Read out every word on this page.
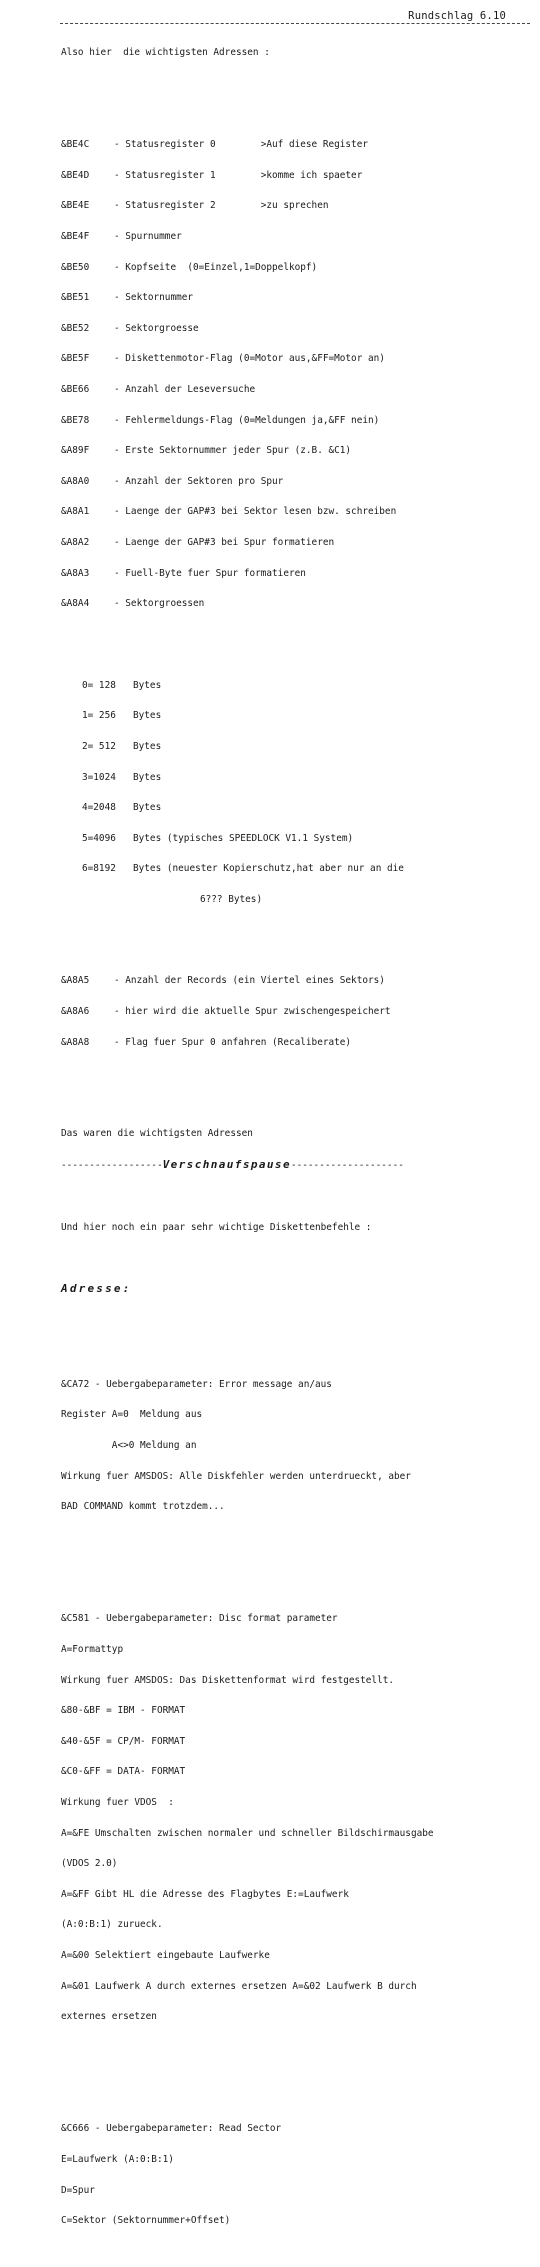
Rundschlag 6.10

Also hier  die wichtigsten Adressen :

&BE4C	- Statusregister 0        >Auf diese Register

&BE4D	- Statusregister 1        >komme ich spaeter

&BE4E	- Statusregister 2        >zu sprechen

&BE4F	- Spurnummer

&BE50	- Kopfseite  (0=Einzel,1=Doppelkopf)

&BE51	- Sektornummer

&BE52	- Sektorgroesse

&BE5F	- Diskettenmotor-Flag (0=Motor aus,&FF=Motor an)

&BE66	- Anzahl der Leseversuche

&BE78	- Fehlermeldungs-Flag (0=Meldungen ja,&FF nein)

&A89F	- Erste Sektornummer jeder Spur (z.B. &C1)

&A8A0	- Anzahl der Sektoren pro Spur

&A8A1	- Laenge der GAP#3 bei Sektor lesen bzw. schreiben

&A8A2	- Laenge der GAP#3 bei Spur formatieren

&A8A3	- Fuell-Byte fuer Spur formatieren

&A8A4	- Sektorgroessen

0= 128 Bytes

1= 256 Bytes

2= 512 Bytes

3=1024 Bytes

4=2048 Bytes

5=4096 Bytes (typisches SPEEDLOCK V1.1 System)

6=8192 Bytes (neuester Kopierschutz,hat aber nur an die

6??? Bytes)

&A8A5	- Anzahl der Records (ein Viertel eines Sektors)

&A8A6	- hier wird die aktuelle Spur zwischengespeichert

&A8A8	- Flag fuer Spur 0 anfahren (Recaliberate)

Das waren die wichtigsten Adressen

------------------ Verschnaufspause --------------------

Und hier noch ein paar sehr wichtige Diskettenbefehle :

Adresse:

&CA72 - Uebergabeparameter: Error message an/aus

Register A=0  Meldung aus

A<>0 Meldung an

Wirkung fuer AMSDOS: Alle Diskfehler werden unterdrueckt, aber

BAD COMMAND kommt trotzdem...

&C581 - Uebergabeparameter: Disc format parameter

A=Formattyp

Wirkung fuer AMSDOS: Das Diskettenformat wird festgestellt.

&80-&BF = IBM - FORMAT

&40-&5F = CP/M- FORMAT

&C0-&FF = DATA- FORMAT

Wirkung fuer VDOS  :

A=&FE Umschalten zwischen normaler und schneller Bildschirmausgabe

(VDOS 2.0)

A=&FF Gibt HL die Adresse des Flagbytes E:=Laufwerk

(A:0:B:1) zurueck.

A=&00 Selektiert eingebaute Laufwerke

A=&01 Laufwerk A durch externes ersetzen A=&02 Laufwerk B durch

externes ersetzen

&C666 - Uebergabeparameter: Read Sector

E=Laufwerk (A:0:B:1)

D=Spur

C=Sektor (Sektornummer+Offset)
